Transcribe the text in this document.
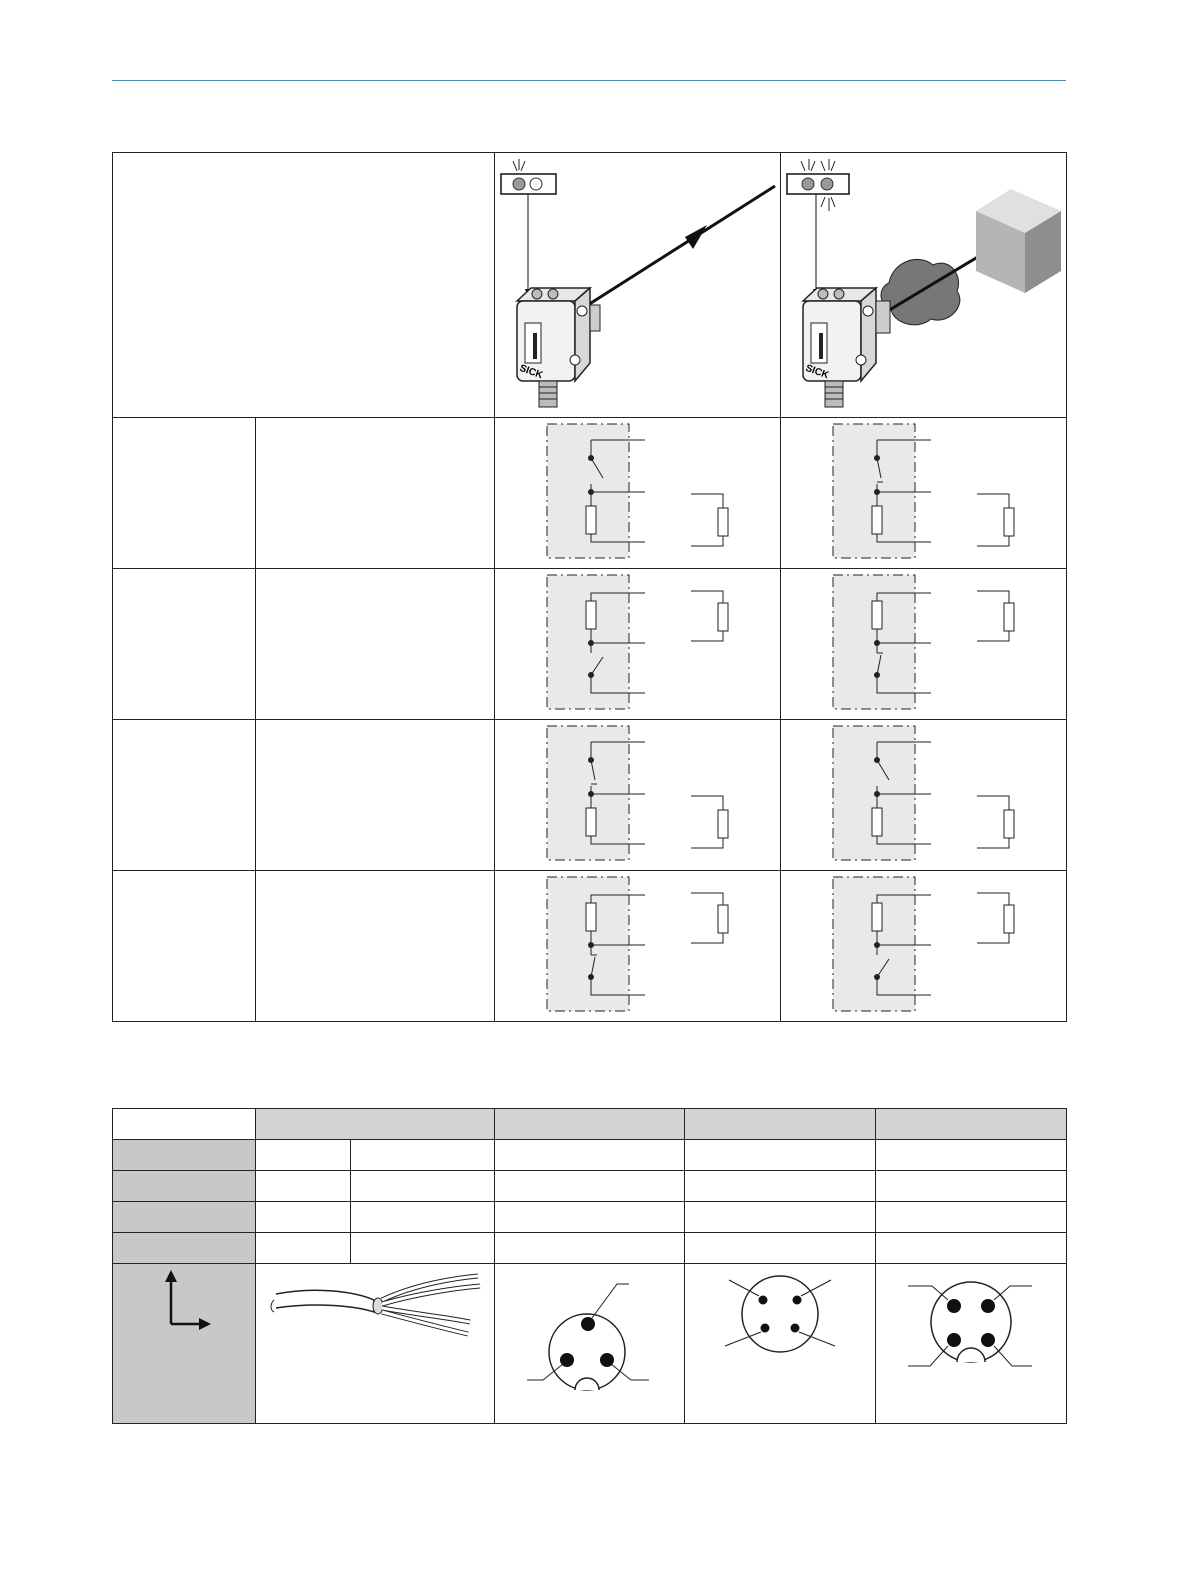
SICK	SICK
